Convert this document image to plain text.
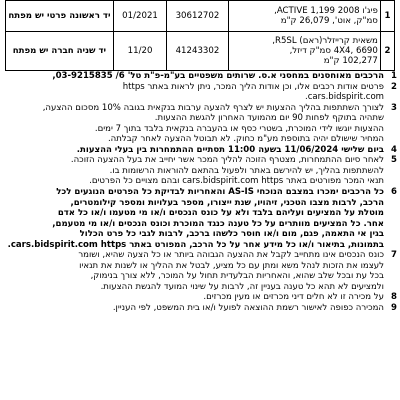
יד ראשונה פרטי יש מפתח	01/2021	30612702	פיג'ו 2008 ACTIVE 1,199,
סמ"ק, אוט', 26,079 ק"מ	1
יד שניה חברה יש מפתח	11/20	41243302	משאית קרייזלר(ראם) R5SL,
4X4, 6690 סמ"ק דיזל,
102,277 ק"מ	2
1
הרכבים מאוחסנים במחסני א.ס. שרותים משפטיים בע"מ-פ"ת טל' 6/ 03-9215835,
2
פרטים אודות רכבים אלו, וכן אודות הליך המכר, ניתן לראות באתר https
cars.bidspirit.com.
3
לצורך השתתפות בהליך ההצעות יש לצרף להצעה ערבות בנקאית בגובה 10% מסכום ההצעה,
שתהיה בתוקף לפחות 90 יום מהמועד האחרון להגשת ההצעות.
ההצעות יוגשו לידי המוכרת, בשטרי כסף או בהעברה בנקאית בלבד בתוך 7 ימים.
המחיר שישולם יהיה בתוספת מע"מ כחוק. לא תבוטל ההצעה לאחר קבלתה.
4
ביום שלישי 11/06/2024 בשעה 11:00 תסתיים ההתמחרות בין בעלי ההצעות.
5
לאחר סיום ההתמחרות, מצטרף הזוכה להליך המכר אשר יחייב את בעל ההצעה הזוכה.
להשתתפות בהליך, יש להירשם באתר ולפעול בהתאם להוראות הרשומות בו.
תנאי המכר מפורטים באתר cars.bidspirit.com https ובהם מצויים כל הפרטים.
6
כל הרכבים ימכרו במצבם הנוכחי AS-IS והאחריות לבדיקת כל הפרטים הנוגעים לכל
הרכב, לרבות מצבו הטכני, זיהויו, שנת ייצורו, מספר בעלויות ומספר קילומטרים,
מוטלת על המציעים ועליהם בלבד ולא על כונס הנכסים ו/או מי מטעמו ו/או כל אדם
אחר. כל המציעים מוותרים על כל טענה כנגד המוכרת וכונס הנכסים ו/או מי מטעמם,
בגין אי התאמה, פגם, מום ו/או חוסר כלשהו ברכב, לרבות לגבי כל פרט הכלול
בתמונות, בתיאור ו/או כל מידע אחר על כל הרכב, המפורט באתר cars.bidspirit.com https.
7
כונס הנכסים אינו מתחייב לקבל את ההצעה הגבוהה ביותר או כל הצעה שהיא, ושומר
לעצמו את הזכות לנהל משא ומתן עם כל מציע, לבטל את ההליך או לשנות את תנאיו
בכל עת ובכל שלב שהוא, והאחריות הבלעדית תחול על המוכר, ללא צורך בנימוק,
ולמציעים לא תהא כל טענה בעניין זה, לרבות על שינוי המועד להגשת ההצעות.
8
על מכירה זו לא חלים דיני מכרזים או מעין מכרזים.
9
המכירה כפופה לאישור רשמת ההוצאה לפועל ו/או בית המשפט, לפי העניין.
